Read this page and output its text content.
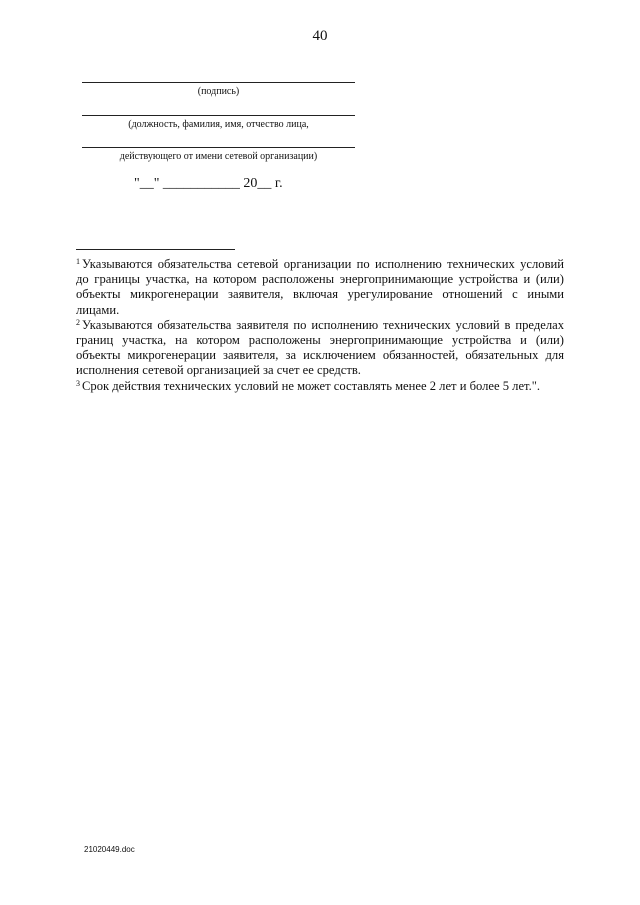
40
(подпись)
(должность, фамилия, имя, отчество лица,
действующего от имени сетевой организации)
"__" ___________ 20__ г.

$^1$ Указываются обязательства сетевой организации по исполнению технических условий до границы участка, на котором расположены энергопринимающие устройства и (или) объекты микрогенерации заявителя, включая урегулирование отношений с иными лицами.

$^2$ Указываются обязательства заявителя по исполнению технических условий в пределах границ участка, на котором расположены энергопринимающие устройства и (или) объекты микрогенерации заявителя, за исключением обязанностей, обязательных для исполнения сетевой организацией за счет ее средств.

$^3$ Срок действия технических условий не может составлять менее 2 лет и более 5 лет.".

21020449.doc
